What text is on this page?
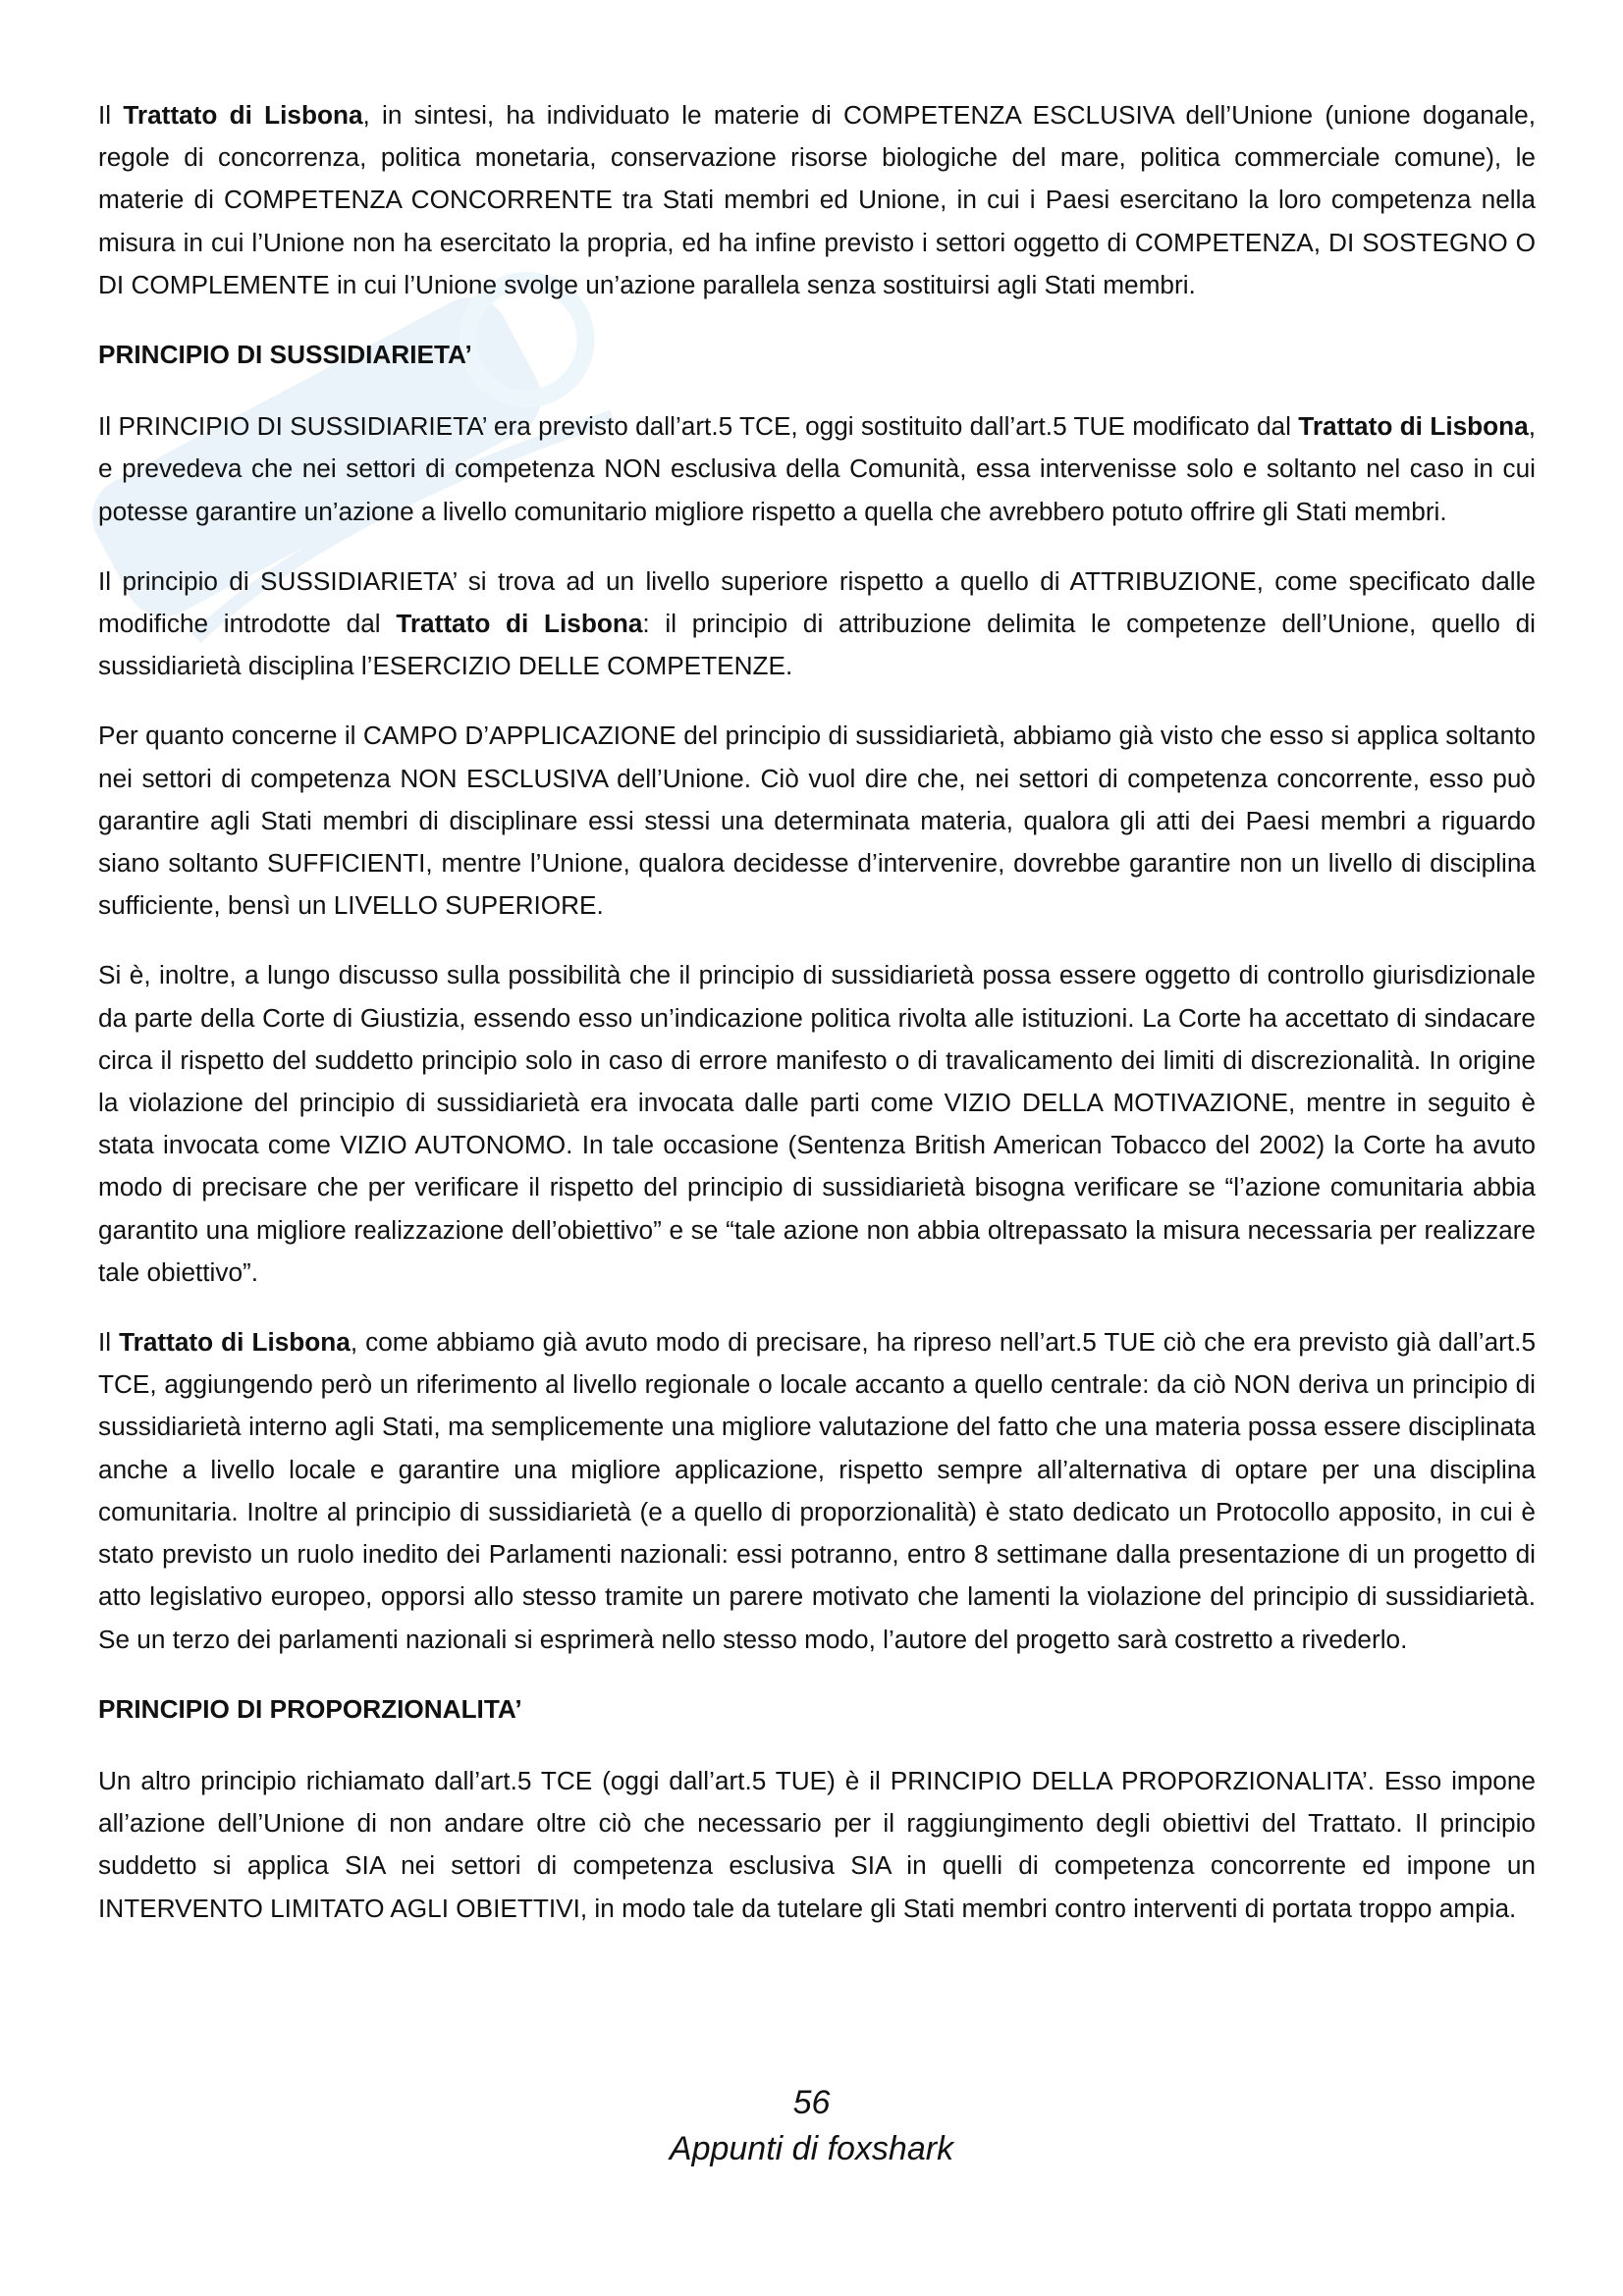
Il Trattato di Lisbona, in sintesi, ha individuato le materie di COMPETENZA ESCLUSIVA dell’Unione (unione doganale, regole di concorrenza, politica monetaria, conservazione risorse biologiche del mare, politica commerciale comune), le materie di COMPETENZA CONCORRENTE tra Stati membri ed Unione, in cui i Paesi esercitano la loro competenza nella misura in cui l’Unione non ha esercitato la propria, ed ha infine previsto i settori oggetto di COMPETENZA, DI SOSTEGNO O DI COMPLEMENTE in cui l’Unione svolge un’azione parallela senza sostituirsi agli Stati membri.

PRINCIPIO DI SUSSIDIARIETA’

Il PRINCIPIO DI SUSSIDIARIETA’ era previsto dall’art.5 TCE, oggi sostituito dall’art.5 TUE modificato dal Trattato di Lisbona, e prevedeva che nei settori di competenza NON esclusiva della Comunità, essa intervenisse solo e soltanto nel caso in cui potesse garantire un’azione a livello comunitario migliore rispetto a quella che avrebbero potuto offrire gli Stati membri.

Il principio di SUSSIDIARIETA’ si trova ad un livello superiore rispetto a quello di ATTRIBUZIONE, come specificato dalle modifiche introdotte dal Trattato di Lisbona: il principio di attribuzione delimita le competenze dell’Unione, quello di sussidiarietà disciplina l’ESERCIZIO DELLE COMPETENZE.

Per quanto concerne il CAMPO D’APPLICAZIONE del principio di sussidiarietà, abbiamo già visto che esso si applica soltanto nei settori di competenza NON ESCLUSIVA dell’Unione. Ciò vuol dire che, nei settori di competenza concorrente, esso può garantire agli Stati membri di disciplinare essi stessi una determinata materia, qualora gli atti dei Paesi membri a riguardo siano soltanto SUFFICIENTI, mentre l’Unione, qualora decidesse d’intervenire, dovrebbe garantire non un livello di disciplina sufficiente, bensì un LIVELLO SUPERIORE.

Si è, inoltre, a lungo discusso sulla possibilità che il principio di sussidiarietà possa essere oggetto di controllo giurisdizionale da parte della Corte di Giustizia, essendo esso un’indicazione politica rivolta alle istituzioni. La Corte ha accettato di sindacare circa il rispetto del suddetto principio solo in caso di errore manifesto o di travalicamento dei limiti di discrezionalità. In origine la violazione del principio di sussidiarietà era invocata dalle parti come VIZIO DELLA MOTIVAZIONE, mentre in seguito è stata invocata come VIZIO AUTONOMO. In tale occasione (Sentenza British American Tobacco del 2002) la Corte ha avuto modo di precisare che per verificare il rispetto del principio di sussidiarietà bisogna verificare se “l’azione comunitaria abbia garantito una migliore realizzazione dell’obiettivo” e se “tale azione non abbia oltrepassato la misura necessaria per realizzare tale obiettivo”.

Il Trattato di Lisbona, come abbiamo già avuto modo di precisare, ha ripreso nell’art.5 TUE ciò che era previsto già dall’art.5 TCE, aggiungendo però un riferimento al livello regionale o locale accanto a quello centrale: da ciò NON deriva un principio di sussidiarietà interno agli Stati, ma semplicemente una migliore valutazione del fatto che una materia possa essere disciplinata anche a livello locale e garantire una migliore applicazione, rispetto sempre all’alternativa di optare per una disciplina comunitaria. Inoltre al principio di sussidiarietà (e a quello di proporzionalità) è stato dedicato un Protocollo apposito, in cui è stato previsto un ruolo inedito dei Parlamenti nazionali: essi potranno, entro 8 settimane dalla presentazione di un progetto di atto legislativo europeo, opporsi allo stesso tramite un parere motivato che lamenti la violazione del principio di sussidiarietà. Se un terzo dei parlamenti nazionali si esprimerà nello stesso modo, l’autore del progetto sarà costretto a rivederlo.

PRINCIPIO DI PROPORZIONALITA’

Un altro principio richiamato dall’art.5 TCE (oggi dall’art.5 TUE) è il PRINCIPIO DELLA PROPORZIONALITA’. Esso impone all’azione dell’Unione di non andare oltre ciò che necessario per il raggiungimento degli obiettivi del Trattato. Il principio suddetto si applica SIA nei settori di competenza esclusiva SIA in quelli di competenza concorrente ed impone un INTERVENTO LIMITATO AGLI OBIETTIVI, in modo tale da tutelare gli Stati membri contro interventi di portata troppo ampia.

56
Appunti di foxshark
